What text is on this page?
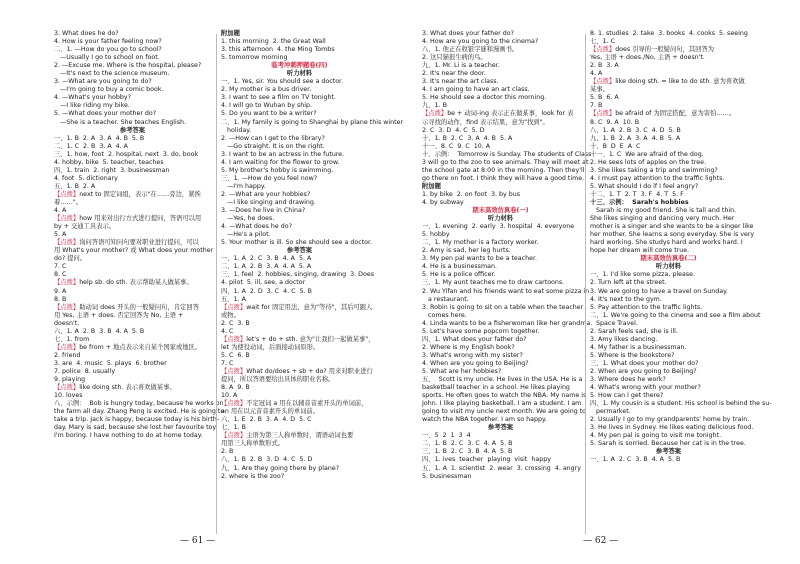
3. What does he do?
4. How is your father feeling now?
二、1. —How do you go to school?
—Usually I go to school on foot.
2. —Excuse me. Where is the hospital, please?
—It's next to the science museum.
3. —What are you going to do?
—I'm going to buy a comic book.
4. —What's your hobby?
—I like riding my bike.
5. —What does your mother do?
—She is a teacher. She teaches English.
参考答案
一、1. B  2. A  3. A  4. B  5. B
二、1. C  2. B  3. A  4. A
三、1. how, foot  2. hospital, next  3. do, book
4. hobby, bike  5. teacher, teaches
四、1. train  2. right  3. businessman
4. foot  5. dictionary
五、1. B  2. A
【点拨】next to 固定词组，表示"在……旁边，紧挨
着……"。
4. A
【点拨】how 用来对出行方式进行提问，答语可以用
by + 交通工具表示。
5. A
【点拨】询问答语可知问句要对职业进行提问，可以
用 What's your mother? 或 What does your mother
do? 提问。
7. C
8. C
【点拨】help sb. do sth. 表示帮助某人做某事。
9. A
8. B
【点拨】助动词 does 开头的一般疑问句，肯定回答
用 Yes, 主语 + does. 否定回答为 No, 主语 +
doesn't.
六、1. A  2. B  3. B  4. A  5. B
七、1. from
【点拨】be from + 地点表示来自某个国家或地区。
2. friend
3. are  4. music  5. plays  6. brother
7. police  8. usually
9. playing
【点拨】like doing sth. 表示喜欢做某事。
10. loves
八、示例：  Bob is hungry today, because he works on
the farm all day. Zhang Peng is excited. He is going to
take a trip. Jack is happy, because today is his birth-
day. Mary is sad, because she lost her favourite toy.
I'm boring. I have nothing to do at home today.
附加题
1. this morning  2. the Great Wall
3. this afternoon  4. the Ming Tombs
5. tomorrow morning
临考冲刺押题卷(四)
听力材料
一、1. Yes, sir. You should see a doctor.
2. My mother is a bus driver.
3. I want to see a film on TV tonight.
4. I will go to Wuhan by ship.
5. Do you want to be a writer?
二、1. My family is going to Shanghai by plane this winter
holiday.
2. —How can I get to the library?
—Go straight. It is on the right.
3. I want to be an actress in the future.
4. I am waiting for the flower to grow.
5. My brother's hobby is swimming.
三、1. —How do you feel now?
—I'm happy.
2. —What are your hobbies?
—I like singing and drawing.
3. —Does he live in China?
—Yes, he does.
4. —What does he do?
—He's a pilot.
5. Your mother is ill. So she should see a doctor.
参考答案
一、1. A  2. C  3. B  4. A  5. A
二、1. A  2. B  3. A  4. A  5. A
三、1. feel  2. hobbies, singing, drawing  3. Does
4. pilot  5. ill, see, a doctor
四、1. A  2. D  3. C  4. C  5. B
五、1. A
【点拨】wait for 固定用法，意为"等待"，其后可跟人
或物。
2. C  3. B
4. C
【点拨】let's + do + sth. 意为"让我们一起做某事"，
let 为使役动词，后面接动词原形。
5. C  6. B
7. C
【点拨】What do/does + sb + do? 用来对职业进行
提问，所以答语要给出具体的职业名称。
8. A  9. B
10. A
【点拨】不定冠词 a 用在以辅音音素开头的单词前，
an 用在以元音音素开头的单词前。
六、1. E  2. B  3. A  4. D  5. C
七、1. B
【点拨】主语为第三人称单数时，谓语动词也要
用第三人称单数形式。
2. B
八、1. B  2. B  3. D  4. C  5. D
九、1. Are they going there by plane?
2. where is the zoo?
— 61 —
3. What does your father do?
4. How are you going to the cinema?
八、1. 他正在收银字谜和漫画书。
2. 这只猫很生病的鸟。
九、1. Mr. Li is a teacher.
2. It's near the door.
3. It's near the art class.
4. I am going to have an art class.
5. He should see a doctor this morning.
九、1. B
【点拨】be + 动词-ing 表示正在做某事，look for 表
示寻找的动作，find 表示结果，意为"找到"。
2. C  3. D  4. C  5. D
十、1. B  2. C  3. A  4. B  5. A
十一、8. C  9. C  10. A
十、示例：  Tomorrow is Sunday. The students of Class
3 will go to the zoo to see animals. They will meet at
the school gate at 8:00 in the morning. Then they'll
go there on foot. I think they will have a good time.
附加题
1. by bike  2. on foot  3. by bus
4. by subway
期末高效仿真卷(一)
听力材料
一、1. evening  2. early  3. hospital  4. everyone
5. hobby
二、1. My mother is a factory worker.
2. Amy is sad, her leg hurts.
3. My pen pal wants to be a teacher.
4. He is a businessman.
5. He is a police officer.
三、1. My aunt teaches me to draw cartoons.
2. Wu Yifan and his friends want to eat some pizza in
a restaurant.
3. Robin is going to sit on a table when the teacher
comes here.
4. Linda wants to be a fisherwoman like her grandma.
5. Let's have some popcorn together.
四、1. What does your father do?
2. Where is my English book?
3. What's wrong with my sister?
4. When are you going to Beijing?
5. What are her hobbies?
五、  Scott is my uncle. He lives in the USA. He is a
basketball teacher in a school. He likes playing
sports. He often goes to watch the NBA. My name is
John. I like playing basketball. I am a student. I am
going to visit my uncle next month. We are going to
watch the NBA together. I am so happy.
参考答案
一、5  2  1  3  4
二、1. B  2. C  3. C  4. A  5. B
三、1. B  2. C  3. B  4. A  5. B
四、1. ives  teacher  playing  visit  happy
五、1. A  1. scientist  2. wear  3. crossing  4. angry
5. businessman
8. 1. studies  2. take  3. books  4. cooks  5. seeing
七、1. C
【点拨】does 引导的一般疑问句，其回答为
Yes, 主语 + does./No, 主语 + doesn't.
2. B  3. A
4. A
【点拨】like doing sth. = like to do sth. 意为喜欢做
某事。
5. B  6. A
7. B
【点拨】be afraid of 为固定搭配，意为害怕……。
8. C  9. A  10. B
八、1. A  2. B  3. C  4. D  5. B
九、1. B  2. A  3. A  4. B  5. A
十、B  D  E  A  C
十一、1. C  We are afraid of the dog.
2. He sees lots of apples on the tree.
3. She likes taking a trip and swimming?
4. I must pay attention to the traffic lights.
5. What should I do if I feel angry?
十二、1. T  2. T  3. F  4. T  5. F
十三、示例：  Sarah's hobbies
Sarah is my good friend. She is tall and thin.
She likes singing and dancing very much. Her
mother is a singer and she wants to be a singer like
her mother. She learns a song everyday. She is very
hard working. She studys hard and works hard. I
hope her dream will come true.
期末高效仿真卷(二)
听力材料
一、1. I'd like some pizza, please.
2. Turn left at the street.
3. We are going to have a travel on Sunday.
4. It's next to the gym.
5. Pay attention to the traffic lights.
二、1. We're going to the cinema and see a film about
Space Travel.
2. Sarah feels sad, she is ill.
3. Amy likes dancing.
4. My father is a businessman.
5. Where is the bookstore?
三、1. What does your mother do?
2. When are you going to Beijing?
3. Where does he work?
4. What's wrong with your mother?
5. How can I get there?
四、1. My cousin is a student. His school is behind the su-
permarket.
2. Usually I go to my grandparents' home by train.
3. He lives in Sydney. He likes eating delicious food.
4. My pen pal is going to visit me tonight.
5. Sarah is sorried. Because her cat is in the tree.
参考答案
一、1. A  2. C  3. B  4. A  5. B
— 62 —
